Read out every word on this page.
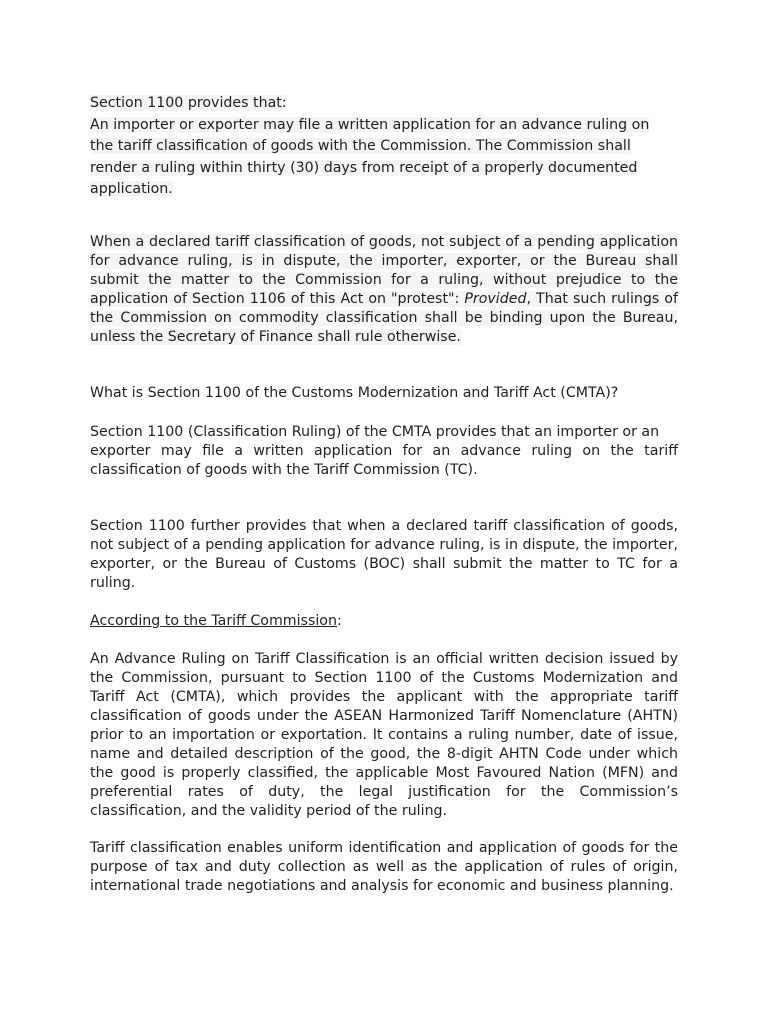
Section 1100 provides that:
An importer or exporter may file a written application for an advance ruling on the tariff classification of goods with the Commission. The Commission shall render a ruling within thirty (30) days from receipt of a properly documented application.

When a declared tariff classification of goods, not subject of a pending application for advance ruling, is in dispute, the importer, exporter, or the Bureau shall submit the matter to the Commission for a ruling, without prejudice to the application of Section 1106 of this Act on "protest": Provided, That such rulings of the Commission on commodity classification shall be binding upon the Bureau, unless the Secretary of Finance shall rule otherwise.

What is Section 1100 of the Customs Modernization and Tariff Act (CMTA)?

Section 1100 (Classification Ruling) of the CMTA provides that an importer or an
exporter may file a written application for an advance ruling on the tariff classification of goods with the Tariff Commission (TC).

Section 1100 further provides that when a declared tariff classification of goods, not subject of a pending application for advance ruling, is in dispute, the importer, exporter, or the Bureau of Customs (BOC) shall submit the matter to TC for a ruling.

According to the Tariff Commission:

An Advance Ruling on Tariff Classification is an official written decision issued by the Commission, pursuant to Section 1100 of the Customs Modernization and Tariff Act (CMTA), which provides the applicant with the appropriate tariff classification of goods under the ASEAN Harmonized Tariff Nomenclature (AHTN) prior to an importation or exportation. It contains a ruling number, date of issue, name and detailed description of the good, the 8-digit AHTN Code under which the good is properly classified, the applicable Most Favoured Nation (MFN) and preferential rates of duty, the legal justification for the Commission’s classification, and the validity period of the ruling.

Tariff classification enables uniform identification and application of goods for the purpose of tax and duty collection as well as the application of rules of origin, international trade negotiations and analysis for economic and business planning.
